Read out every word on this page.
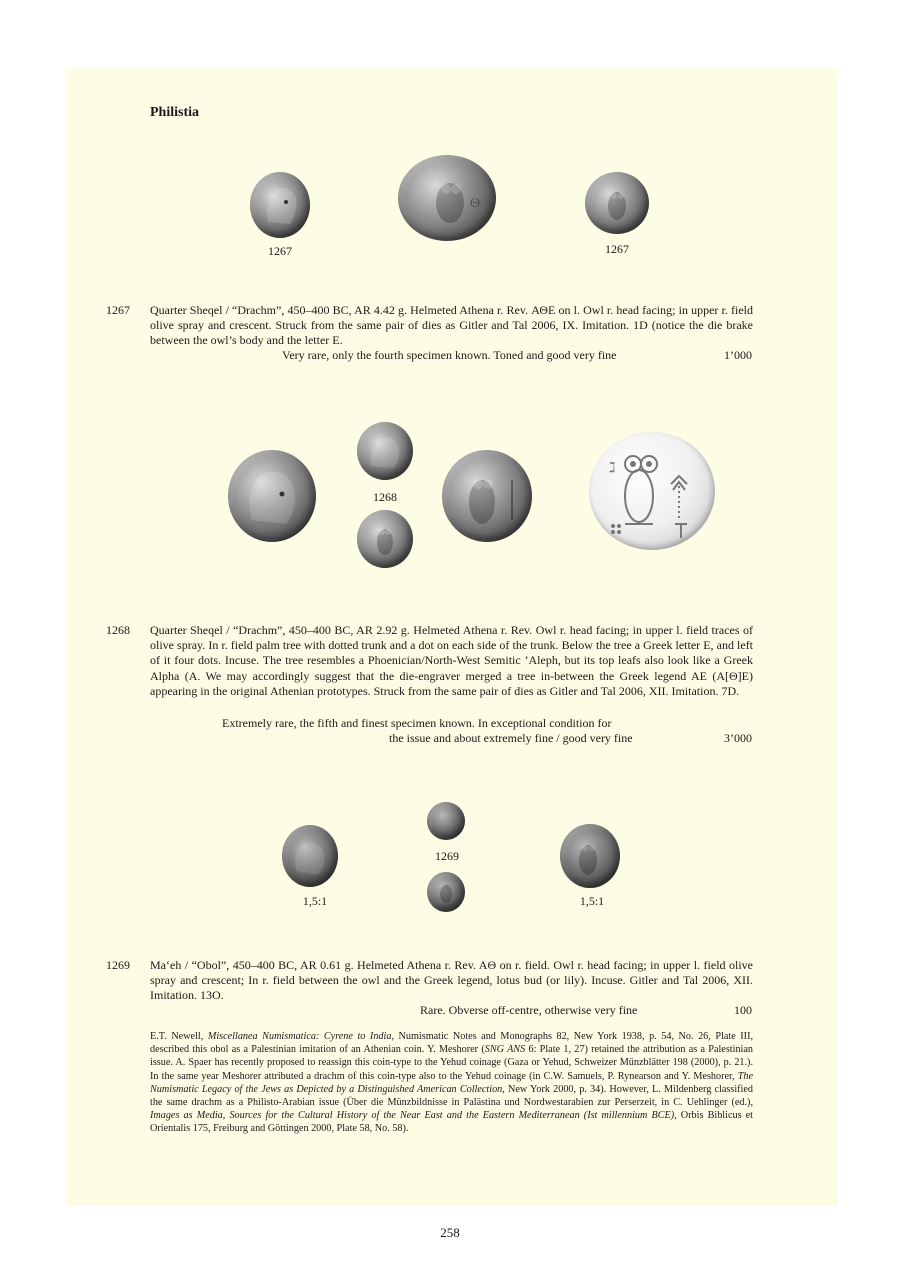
Philistia
Θ
1267	1267
1267 Quarter Sheqel / “Drachm”, 450–400 BC, AR 4.42 g. Helmeted Athena r. Rev. ΑΘΕ on l. Owl r. head facing; in upper r. field olive spray and crescent. Struck from the same pair of dies as Gitler and Tal 2006, IX. Imitation. 1D (notice the die brake between the owl’s body and the letter E.

Very rare, only the fourth specimen known. Toned and good very fine	1’000
ℷ
1268
1268 Quarter Sheqel / “Drachm”, 450–400 BC, AR 2.92 g. Helmeted Athena r. Rev. Owl r. head facing; in upper l. field traces of olive spray. In r. field palm tree with dotted trunk and a dot on each side of the trunk. Below the tree a Greek letter E, and left of it four dots. Incuse. The tree resembles a Phoenician/North-West Semitic ’Aleph, but its top leafs also look like a Greek Alpha (A. We may accordingly suggest that the die-engraver merged a tree in-between the Greek legend AE (A[Θ]E) appearing in the original Athenian prototypes. Struck from the same pair of dies as Gitler and Tal 2006, XII. Imitation. 7D.

Extremely rare, the fifth and finest specimen known. In exceptional condition for
the issue and about extremely fine / good very fine	3’000
1,5:1
1269
1,5:1
1269 Ma‘eh / “Obol”, 450–400 BC, AR 0.61 g. Helmeted Athena r. Rev. AΘ on r. field. Owl r. head facing; in upper l. field olive spray and crescent; In r. field between the owl and the Greek legend, lotus bud (or lily). Incuse. Gitler and Tal 2006, XII. Imitation. 13O.

Rare. Obverse off-centre, otherwise very fine	100

E.T. Newell, Miscellanea Numismatica: Cyrene to India, Numismatic Notes and Monographs 82, New York 1938, p. 54, No. 26, Plate III, described this obol as a Palestinian imitation of an Athenian coin. Y. Meshorer (SNG ANS 6: Plate 1, 27) retained the attribution as a Palestinian issue. A. Spaer has recently proposed to reassign this coin-type to the Yehud coinage (Gaza or Yehud, Schweizer Münzblätter 198 (2000), p. 21.). In the same year Meshorer attributed a drachm of this coin-type also to the Yehud coinage (in C.W. Samuels, P. Rynearson and Y. Meshorer, The Numismatic Legacy of the Jews as Depicted by a Distinguished American Collection, New York 2000, p. 34). However, L. Mildenberg classified the same drachm as a Philisto-Arabian issue (Über die Münzbildnisse in Palästina und Nordwestarabien zur Perserzeit, in C. Uehlinger (ed.), Images as Media, Sources for the Cultural History of the Near East and the Eastern Mediterranean (Ist millennium BCE), Orbis Biblicus et Orientalis 175, Freiburg and Göttingen 2000, Plate 58, No. 58).

258
